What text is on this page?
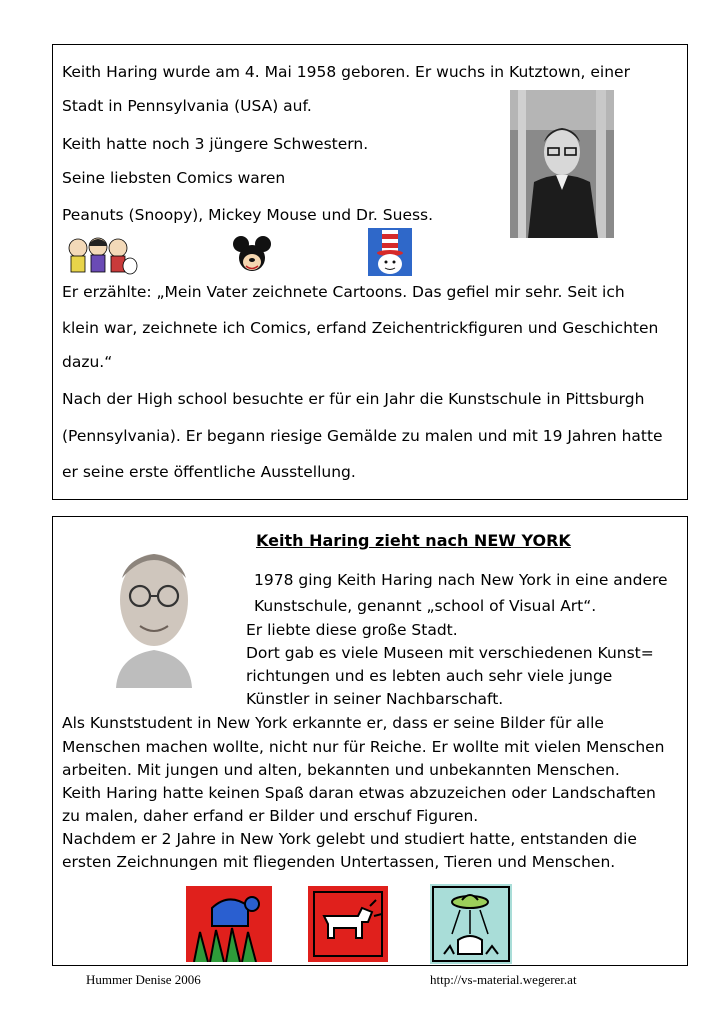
Keith Haring wurde am 4. Mai 1958 geboren. Er wuchs in Kutztown, einer
Stadt in Pennsylvania (USA) auf.
Keith hatte noch 3 jüngere Schwestern.
Seine liebsten Comics waren
Peanuts (Snoopy), Mickey Mouse und Dr. Suess.
Er erzählte: „Mein Vater zeichnete Cartoons. Das gefiel mir sehr. Seit ich
klein war, zeichnete ich Comics, erfand Zeichentrickfiguren und Geschichten
dazu.“
Nach der High school besuchte er für ein Jahr die Kunstschule in Pittsburgh
(Pennsylvania). Er begann riesige Gemälde zu malen und mit 19 Jahren hatte
er seine erste öffentliche Ausstellung.
Keith Haring zieht nach NEW YORK
1978 ging Keith Haring nach New York in eine andere
Kunstschule, genannt „school of Visual Art“.
Er liebte diese große Stadt.
Dort gab es viele Museen mit verschiedenen Kunst=
richtungen und es lebten auch sehr viele junge
Künstler in seiner Nachbarschaft.
Als Kunststudent in New York erkannte er, dass er seine Bilder für alle
Menschen machen wollte, nicht nur für Reiche. Er wollte mit vielen Menschen
arbeiten. Mit jungen und alten, bekannten und unbekannten Menschen.
Keith Haring hatte keinen Spaß daran etwas abzuzeichen oder Landschaften
zu malen, daher erfand er Bilder und erschuf Figuren.
Nachdem er 2 Jahre in New York gelebt und studiert hatte, entstanden die
ersten Zeichnungen mit fliegenden Untertassen, Tieren und Menschen.
Hummer Denise 2006	http://vs-material.wegerer.at
